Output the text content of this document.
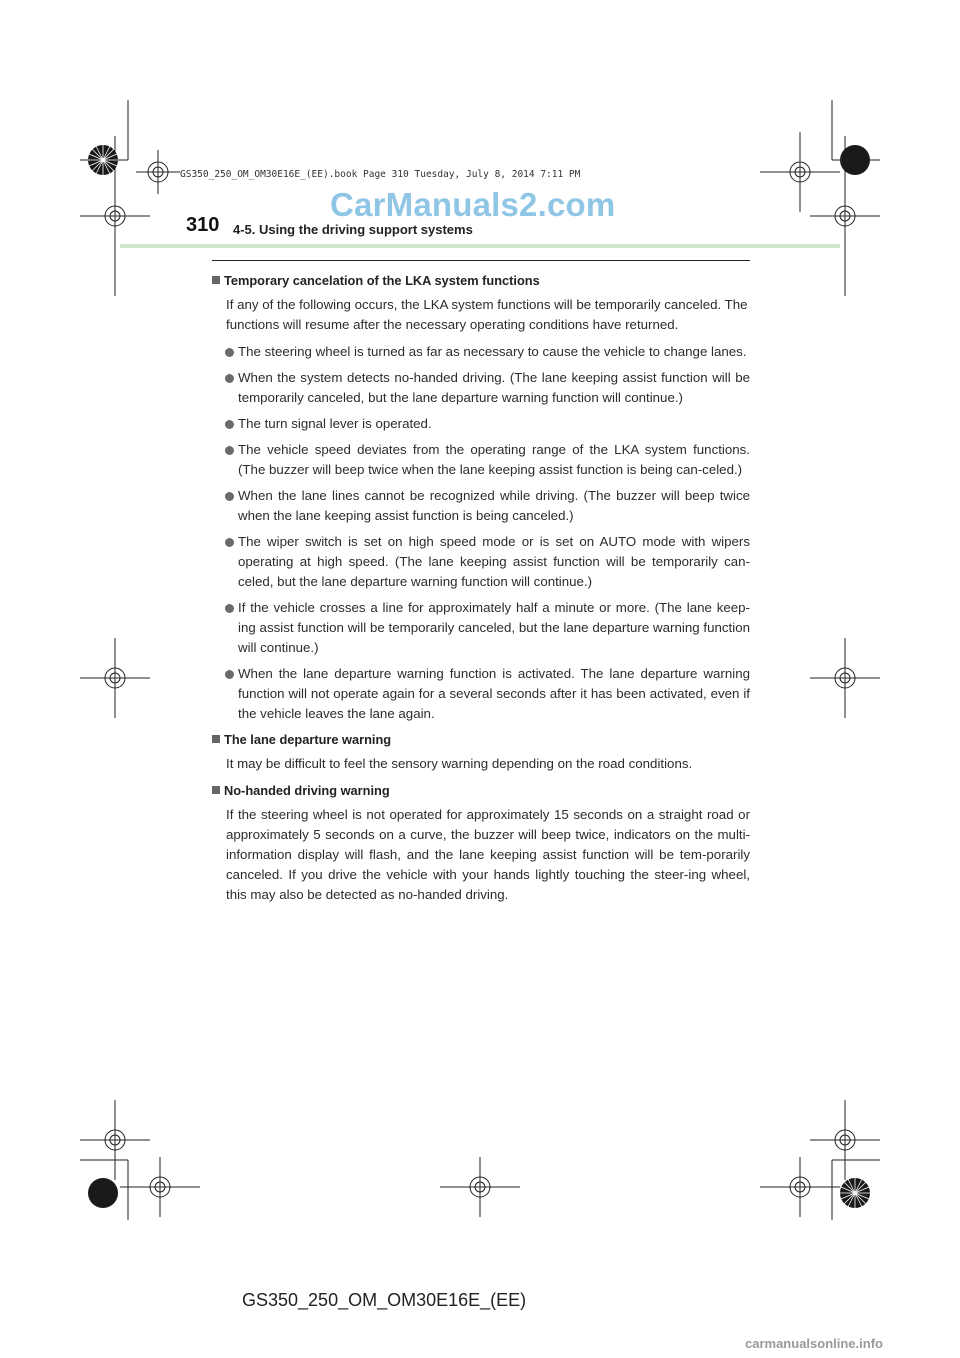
GS350_250_OM_OM30E16E_(EE).book Page 310 Tuesday, July 8, 2014 7:11 PM
CarManuals2.com
310 4-5. Using the driving support systems
Temporary cancelation of the LKA system functions
If any of the following occurs, the LKA system functions will be temporarily canceled. The functions will resume after the necessary operating conditions have returned.
The steering wheel is turned as far as necessary to cause the vehicle to change lanes.
When the system detects no-handed driving. (The lane keeping assist function will be temporarily canceled, but the lane departure warning function will continue.)
The turn signal lever is operated.
The vehicle speed deviates from the operating range of the LKA system functions. (The buzzer will beep twice when the lane keeping assist function is being can-celed.)
When the lane lines cannot be recognized while driving. (The buzzer will beep twice when the lane keeping assist function is being canceled.)
The wiper switch is set on high speed mode or is set on AUTO mode with wipers operating at high speed. (The lane keeping assist function will be temporarily can-celed, but the lane departure warning function will continue.)
If the vehicle crosses a line for approximately half a minute or more. (The lane keep-ing assist function will be temporarily canceled, but the lane departure warning function will continue.)
When the lane departure warning function is activated. The lane departure warning function will not operate again for a several seconds after it has been activated, even if the vehicle leaves the lane again.
The lane departure warning
It may be difficult to feel the sensory warning depending on the road conditions.
No-handed driving warning
If the steering wheel is not operated for approximately 15 seconds on a straight road or approximately 5 seconds on a curve, the buzzer will beep twice, indicators on the multi-information display will flash, and the lane keeping assist function will be tem-porarily canceled. If you drive the vehicle with your hands lightly touching the steer-ing wheel, this may also be detected as no-handed driving.
GS350_250_OM_OM30E16E_(EE)
carmanualsonline.info
